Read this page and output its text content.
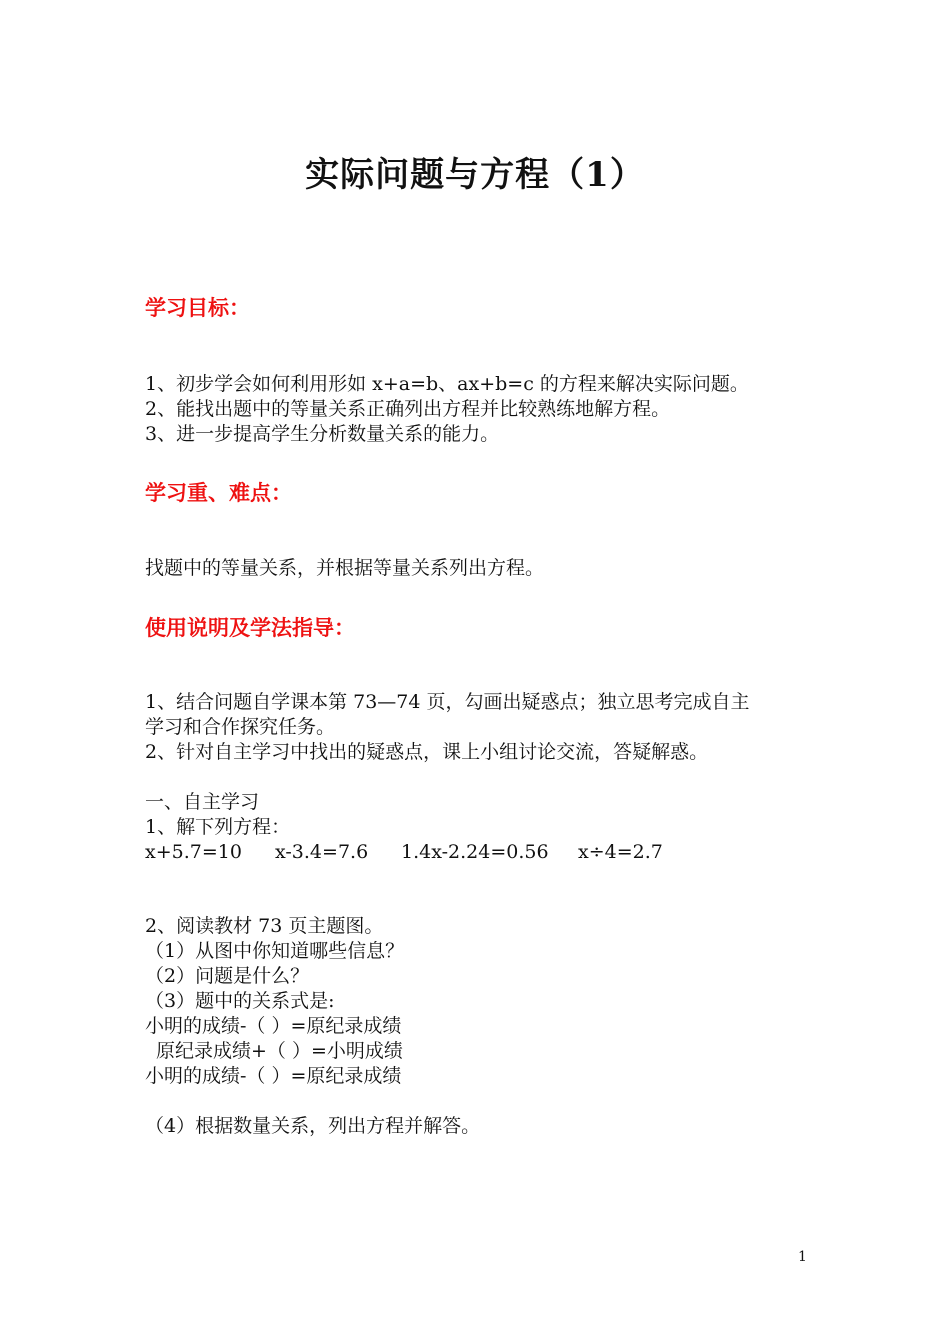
实际问题与方程（1）
学习目标：
1、初步学会如何利用形如 x+a=b、ax+b=c 的方程来解决实际问题。
2、能找出题中的等量关系正确列出方程并比较熟练地解方程。
3、进一步提高学生分析数量关系的能力。
学习重、难点：
找题中的等量关系，并根据等量关系列出方程。
使用说明及学法指导：
1、结合问题自学课本第 73—74 页，勾画出疑惑点；独立思考完成自主
学习和合作探究任务。
2、针对自主学习中找出的疑惑点，课上小组讨论交流，答疑解惑。
一、自主学习
1、解下列方程：
x+5.7=10 x-3.4=7.6 1.4x-2.24=0.56 x÷4=2.7
2、阅读教材 73 页主题图。
（1）从图中你知道哪些信息？
（2）问题是什么？
（3）题中的关系式是:
小明的成绩-（ ）=原纪录成绩
原纪录成绩+（ ）=小明成绩
小明的成绩-（ ）=原纪录成绩
（4）根据数量关系，列出方程并解答。
1
